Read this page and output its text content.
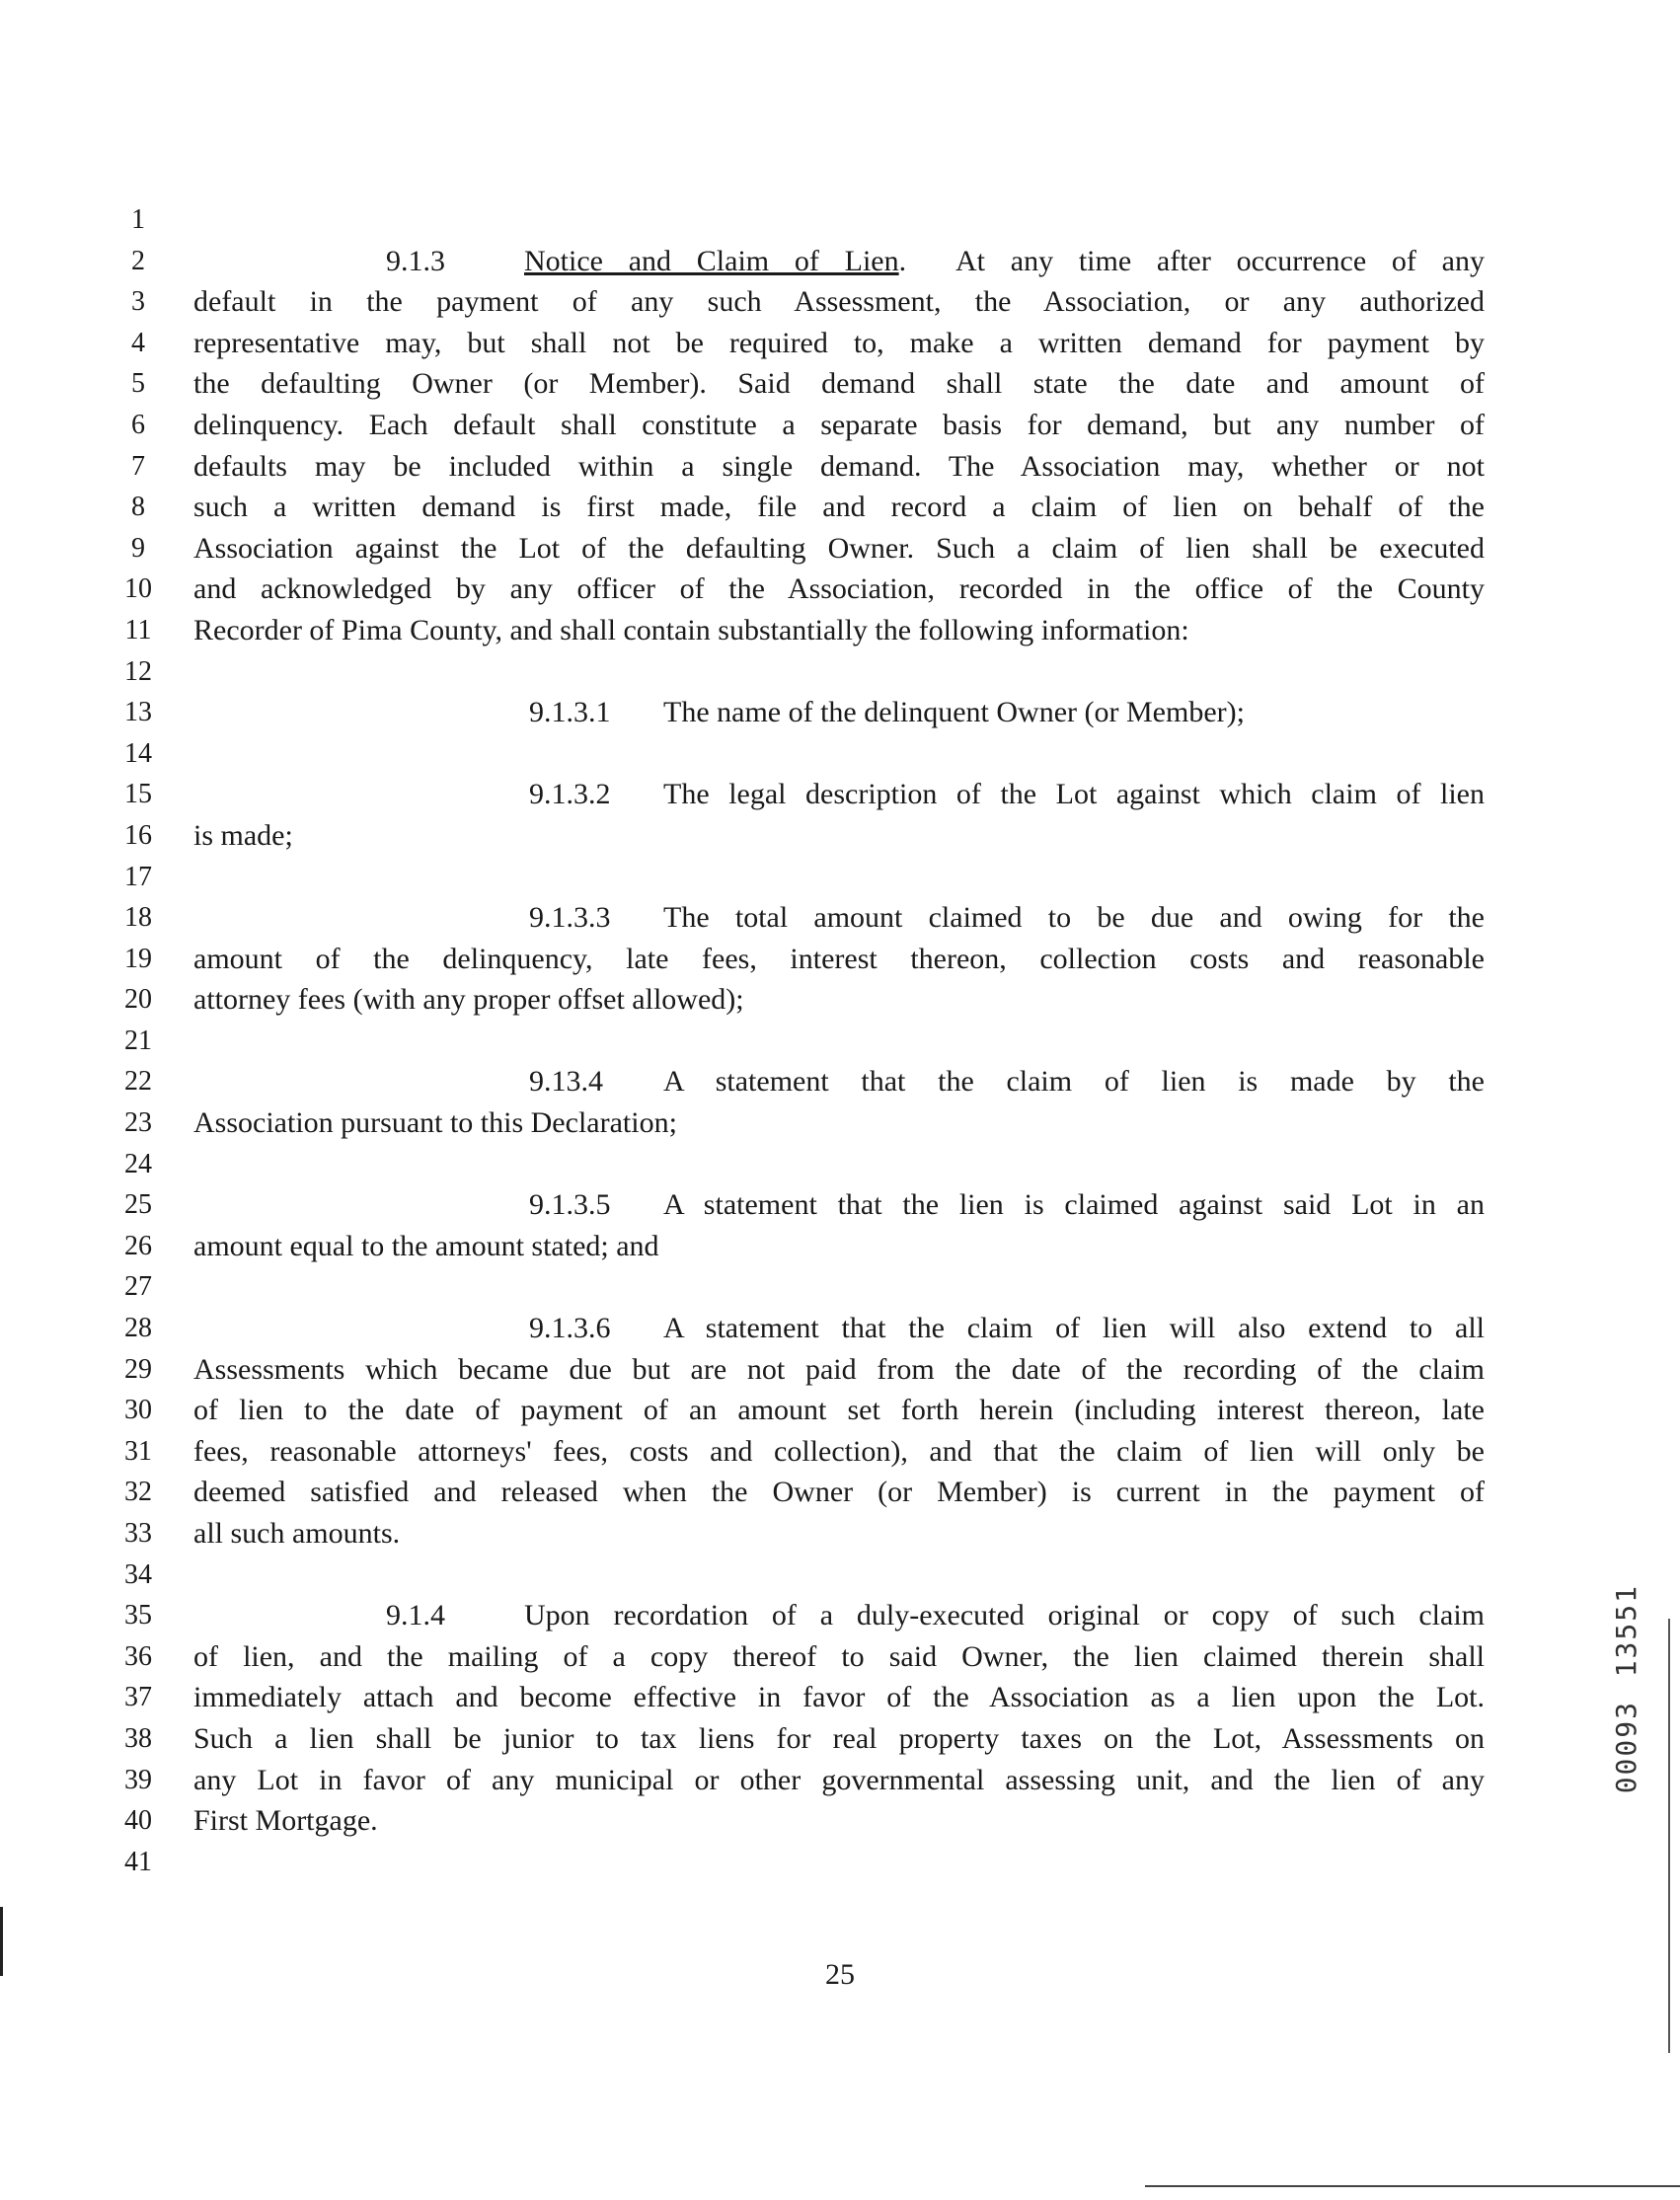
1
2
3
4
5
6
7
8
9
10
11
12
13
14
15
16
17
18
19
20
21
22
23
24
25
26
27
28
29
30
31
32
33
34
35
36
37
38
39
40
41
9.1.3	Notice and Claim of Lien.  At any time after occurrence of any
default in the payment of any such Assessment, the Association, or any authorized
representative may, but shall not be required to, make a written demand for payment by
the defaulting Owner (or Member). Said demand shall state the date and amount of
delinquency. Each default shall constitute a separate basis for demand, but any number of
defaults may be included within a single demand. The Association may, whether or not
such a written demand is first made, file and record a claim of lien on behalf of the
Association against the Lot of the defaulting Owner. Such a claim of lien shall be executed
and acknowledged by any officer of the Association, recorded in the office of the County
Recorder of Pima County, and shall contain substantially the following information:
9.1.3.1 The name of the delinquent Owner (or Member);
9.1.3.2 The legal description of the Lot against which claim of lien
is made;
9.1.3.3 The total amount claimed to be due and owing for the
amount of the delinquency, late fees, interest thereon, collection costs and reasonable
attorney fees (with any proper offset allowed);
9.13.4 A statement that the claim of lien is made by the
Association pursuant to this Declaration;
9.1.3.5 A statement that the lien is claimed against said Lot in an
amount equal to the amount stated; and
9.1.3.6 A statement that the claim of lien will also extend to all
Assessments which became due but are not paid from the date of the recording of the claim
of lien to the date of payment of an amount set forth herein (including interest thereon, late
fees, reasonable attorneys' fees, costs and collection), and that the claim of lien will only be
deemed satisfied and released when the Owner (or Member) is current in the payment of
all such amounts.
9.1.4	Upon recordation of a duly-executed original or copy of such claim
of lien, and the mailing of a copy thereof to said Owner, the lien claimed therein shall
immediately attach and become effective in favor of the Association as a lien upon the Lot.
Such a lien shall be junior to tax liens for real property taxes on the Lot, Assessments on
any Lot in favor of any municipal or other governmental assessing unit, and the lien of any
First Mortgage.
25
13551
00093
